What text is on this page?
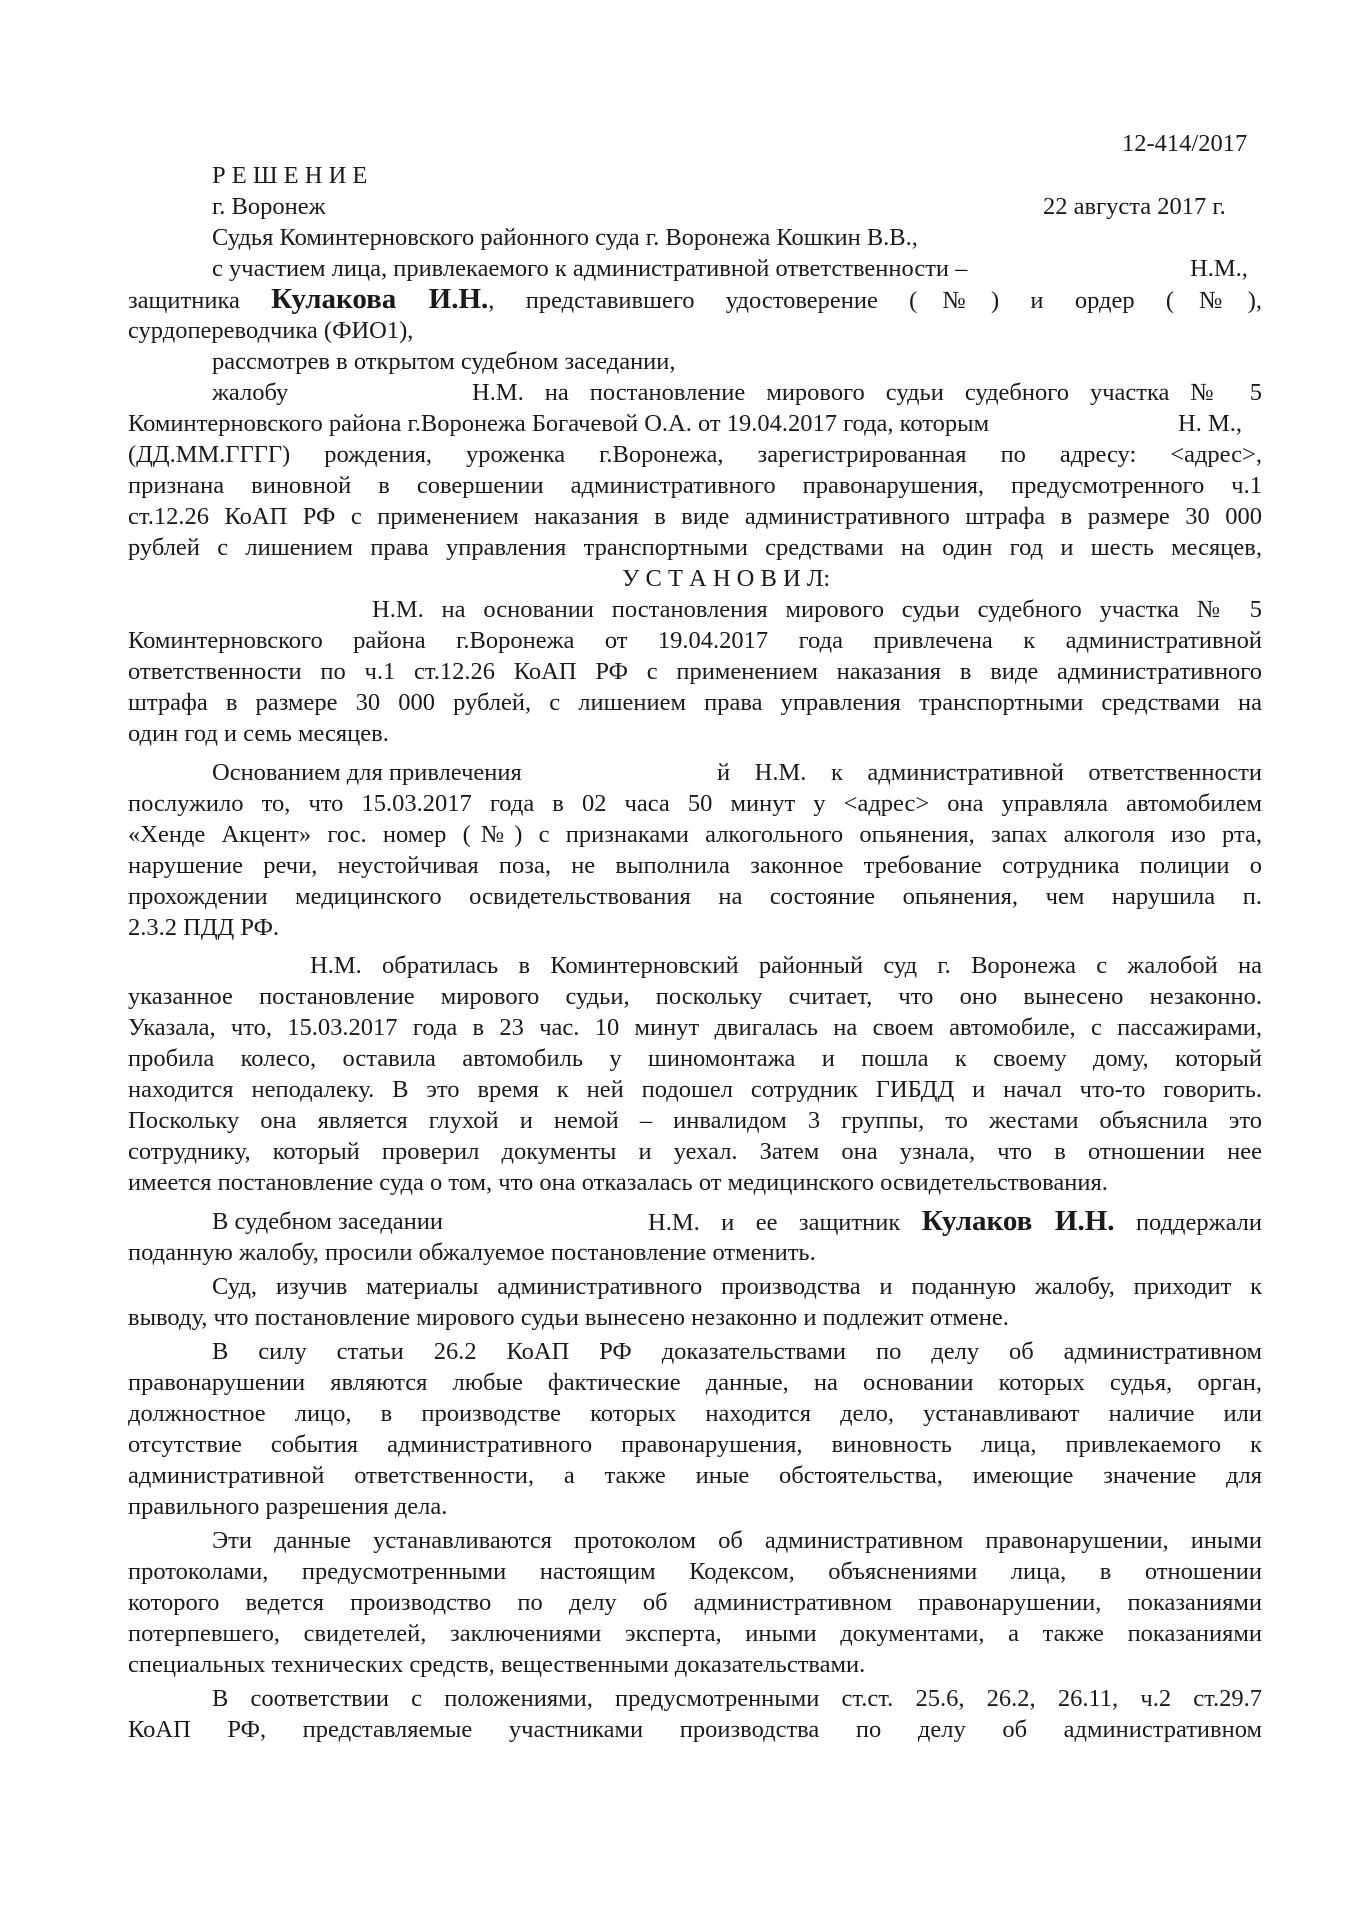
12-414/2017
Р Е Ш Е Н И Е
г. Воронеж	22 августа 2017 г.
Судья Коминтерновского районного суда г. Воронежа Кошкин В.В.,
с участием лица, привлекаемого к административной ответственности –	Н.М.,
защитника Кулакова И.Н., представившего удостоверение (№) и ордер (№),
сурдопереводчика (ФИО1),
рассмотрев в открытом судебном заседании,
жалобу	Н.М. на постановление мирового судьи судебного участка № 5
Коминтерновского района г.Воронежа Богачевой О.А. от 19.04.2017 года, которым	Н. М.,
(ДД.ММ.ГГГГ) рождения, уроженка г.Воронежа, зарегистрированная по адресу: <адрес>,
признана виновной в совершении административного правонарушения, предусмотренного ч.1
ст.12.26 КоАП РФ с применением наказания в виде административного штрафа в размере 30 000
рублей с лишением права управления транспортными средствами на один год и шесть месяцев,
У С Т А Н О В И Л:
Н.М. на основании постановления мирового судьи судебного участка № 5
Коминтерновского района г.Воронежа от 19.04.2017 года привлечена к административной
ответственности по ч.1 ст.12.26 КоАП РФ с применением наказания в виде административного
штрафа в размере 30 000 рублей, с лишением права управления транспортными средствами на
один год и семь месяцев.
Основанием для привлечения	й Н.М. к административной ответственности
послужило то, что 15.03.2017 года в 02 часа 50 минут у <адрес> она управляла автомобилем
«Хенде Акцент» гос. номер (№) с признаками алкогольного опьянения, запах алкоголя изо рта,
нарушение речи, неустойчивая поза, не выполнила законное требование сотрудника полиции о
прохождении медицинского освидетельствования на состояние опьянения, чем нарушила п.
2.3.2 ПДД РФ.
Н.М. обратилась в Коминтерновский районный суд г. Воронежа с жалобой на
указанное постановление мирового судьи, поскольку считает, что оно вынесено незаконно.
Указала, что, 15.03.2017 года в 23 час. 10 минут двигалась на своем автомобиле, с пассажирами,
пробила колесо, оставила автомобиль у шиномонтажа и пошла к своему дому, который
находится неподалеку. В это время к ней подошел сотрудник ГИБДД и начал что-то говорить.
Поскольку она является глухой и немой – инвалидом 3 группы, то жестами объяснила это
сотруднику, который проверил документы и уехал. Затем она узнала, что в отношении нее
имеется постановление суда о том, что она отказалась от медицинского освидетельствования.
В судебном заседании	Н.М. и ее защитник Кулаков И.Н. поддержали
поданную жалобу, просили обжалуемое постановление отменить.
Суд, изучив материалы административного производства и поданную жалобу, приходит к
выводу, что постановление мирового судьи вынесено незаконно и подлежит отмене.
В силу статьи 26.2 КоАП РФ доказательствами по делу об административном
правонарушении являются любые фактические данные, на основании которых судья, орган,
должностное лицо, в производстве которых находится дело, устанавливают наличие или
отсутствие события административного правонарушения, виновность лица, привлекаемого к
административной ответственности, а также иные обстоятельства, имеющие значение для
правильного разрешения дела.
Эти данные устанавливаются протоколом об административном правонарушении, иными
протоколами, предусмотренными настоящим Кодексом, объяснениями лица, в отношении
которого ведется производство по делу об административном правонарушении, показаниями
потерпевшего, свидетелей, заключениями эксперта, иными документами, а также показаниями
специальных технических средств, вещественными доказательствами.
В соответствии с положениями, предусмотренными ст.ст. 25.6, 26.2, 26.11, ч.2 ст.29.7
КоАП РФ, представляемые участниками производства по делу об административном
